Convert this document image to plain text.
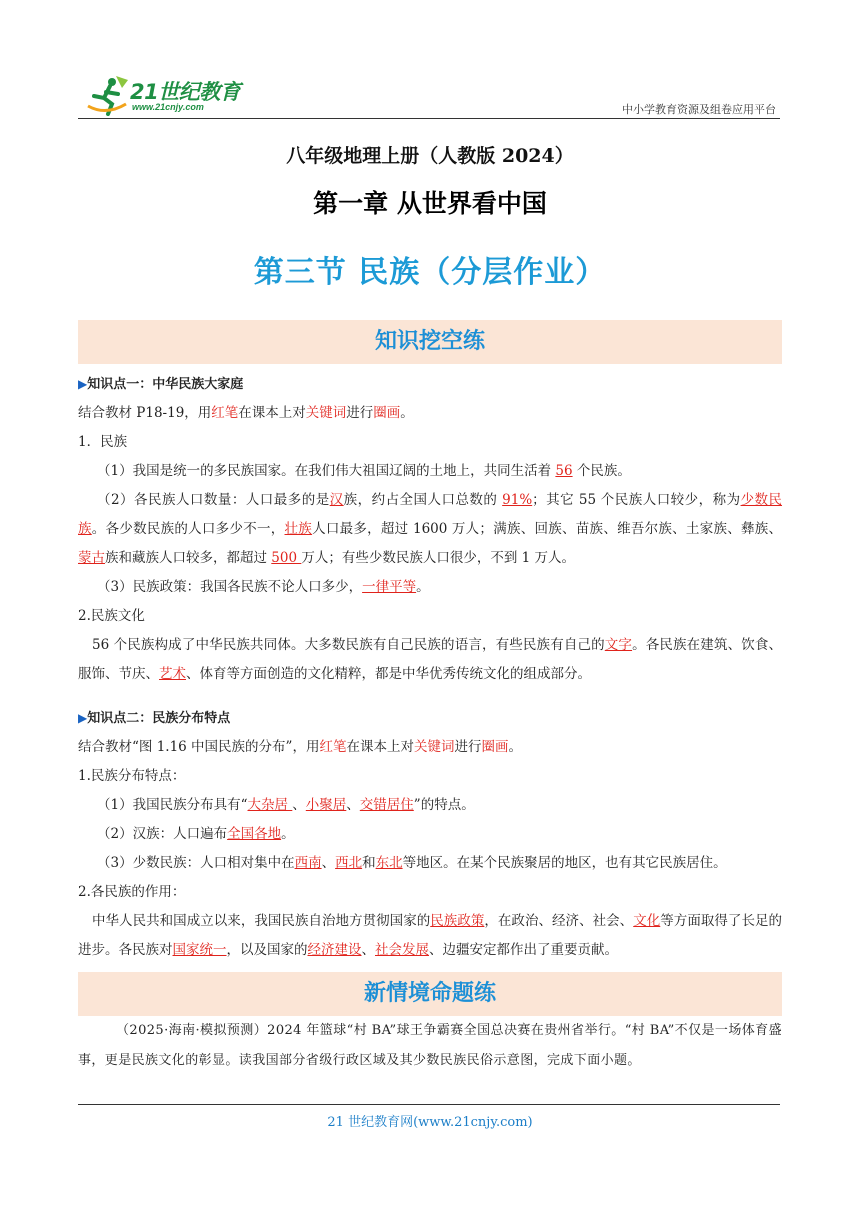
21世纪教育
www.21cnjy.com	中小学教育资源及组卷应用平台
八年级地理上册（人教版 2024）
第一章 从世界看中国
第三节 民族（分层作业）
知识挖空练
▶知识点一：中华民族大家庭
结合教材 P18-19，用红笔在课本上对关键词进行圈画。
1．民族
（1）我国是统一的多民族国家。在我们伟大祖国辽阔的土地上，共同生活着 56 个民族。
（2）各民族人口数量：人口最多的是汉族，约占全国人口总数的 91%；其它 55 个民族人口较少，称为少数民族。各少数民族的人口多少不一，壮族人口最多，超过 1600 万人；满族、回族、苗族、维吾尔族、土家族、彝族、蒙古族和藏族人口较多，都超过 500 万人；有些少数民族人口很少，不到 1 万人。
（3）民族政策：我国各民族不论人口多少，一律平等。
2.民族文化
56 个民族构成了中华民族共同体。大多数民族有自己民族的语言，有些民族有自己的文字。各民族在建筑、饮食、服饰、节庆、艺术、体育等方面创造的文化精粹，都是中华优秀传统文化的组成部分。
▶知识点二：民族分布特点
结合教材“图 1.16 中国民族的分布”，用红笔在课本上对关键词进行圈画。
1.民族分布特点：
（1）我国民族分布具有“大杂居 、小聚居、交错居住”的特点。
（2）汉族：人口遍布全国各地。
（3）少数民族：人口相对集中在西南、西北和东北等地区。在某个民族聚居的地区，也有其它民族居住。
2.各民族的作用：
中华人民共和国成立以来，我国民族自治地方贯彻国家的民族政策，在政治、经济、社会、文化等方面取得了长足的进步。各民族对国家统一，以及国家的经济建设、社会发展、边疆安定都作出了重要贡献。
新情境命题练
（2025·海南·模拟预测）2024 年篮球“村 BA”球王争霸赛全国总决赛在贵州省举行。“村 BA”不仅是一场体育盛事，更是民族文化的彰显。读我国部分省级行政区域及其少数民族民俗示意图，完成下面小题。
21 世纪教育网(www.21cnjy.com)
